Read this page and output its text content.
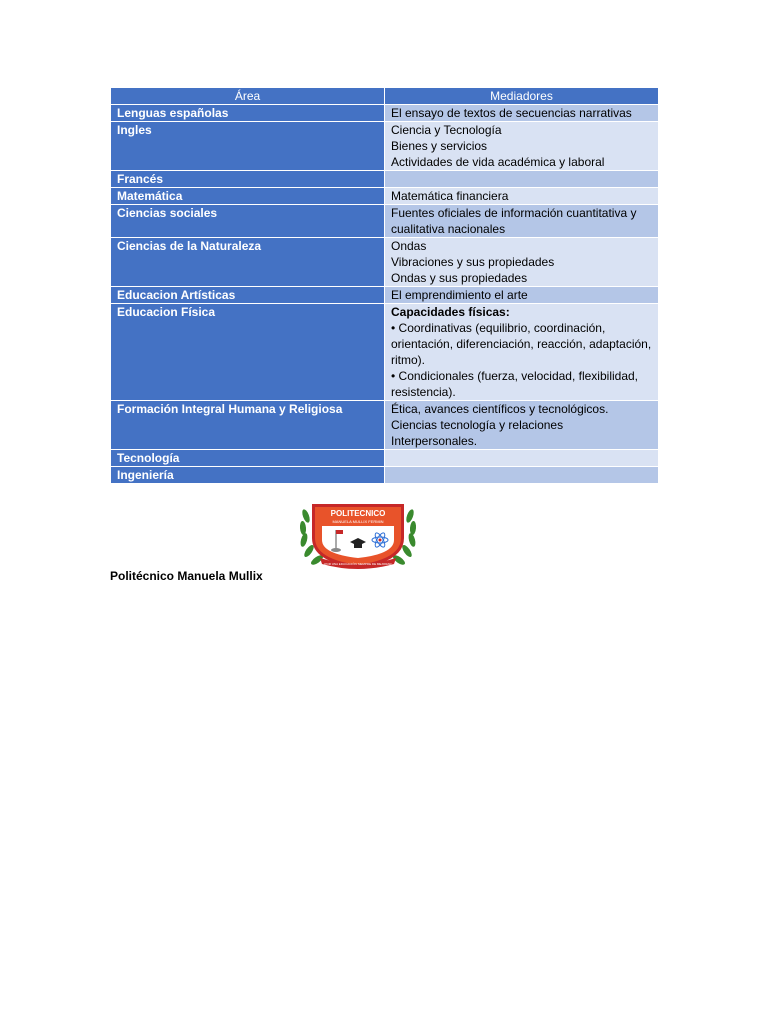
Área	Mediadores
Lenguas españolas	El ensayo de textos de secuencias narrativas

Ingles	Ciencia y Tecnología
Bienes y servicios
Actividades de vida académica y laboral

Francés	
Matemática	Matemática financiera

Ciencias sociales	Fuentes oficiales de información cuantitativa y cualitativa nacionales

Ciencias de la Naturaleza	Ondas
Vibraciones y sus propiedades
Ondas y sus propiedades

Educacion Artísticas	El emprendimiento el arte

Educacion Física	Capacidades físicas:
• Coordinativas (equilibrio, coordinación, orientación, diferenciación, reacción, adaptación, ritmo).
• Condicionales (fuerza, velocidad, flexibilidad, resistencia).

Formación Integral Humana y Religiosa	Ética, avances científicos y tecnológicos.
Ciencias tecnología y relaciones Interpersonales.

Tecnología	
Ingeniería	
POLITECNICO
MANUELA MULLIX FERMIN
POR UNA EDUCACIÓN SIEMPRE DE MEJORAR
Politécnico Manuela Mullix
